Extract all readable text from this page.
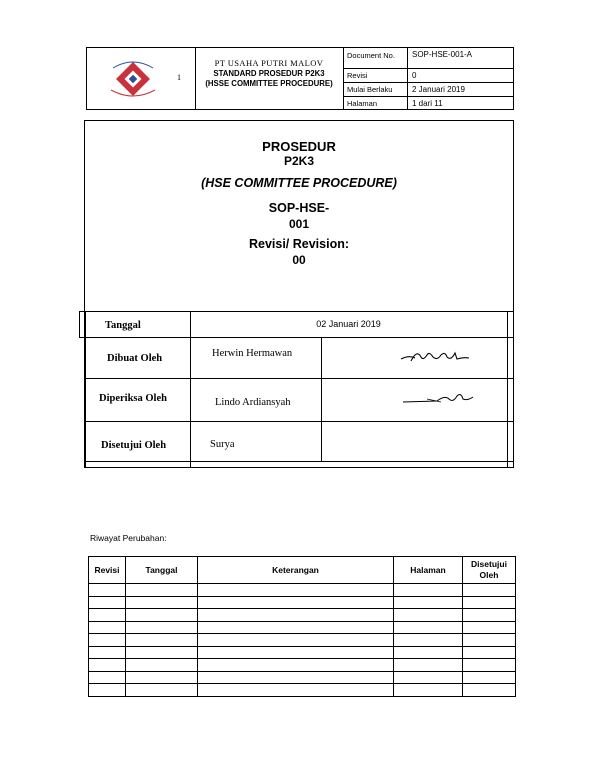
1
PT USAHA PUTRI MALOV
STANDARD PROSEDUR P2K3
(HSSE COMMITTEE PROCEDURE)
Document No.	SOP-HSE-001-A
Revisi	0
Mulai Berlaku 2 Januari 2019
Halaman	1 dari 11
PROSEDUR
P2K3
(HSE COMMITTEE PROCEDURE)
SOP-HSE-
001
Revisi/ Revision:
00
Tanggal	02 Januari 2019
Dibuat Oleh	Herwin Hermawan
Diperiksa Oleh	Lindo Ardiansyah
Disetujui Oleh	Surya
Riwayat Perubahan:
Revisi	Tanggal	Keterangan	Halaman	Disetujui Oleh
